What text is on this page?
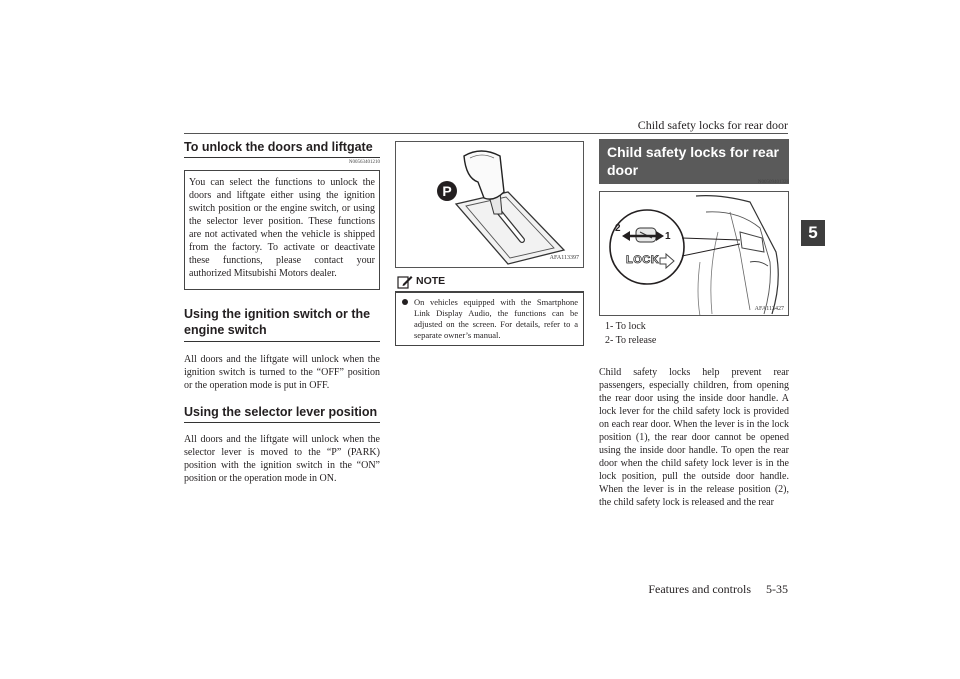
Child safety locks for rear door
5
To unlock the doors and liftgate
N00563401210
You can select the functions to unlock the doors and liftgate either using the ignition switch position or the engine switch, or using the selector lever position. These functions are not activated when the vehicle is shipped from the factory. To activate or deactivate these functions, please contact your authorized Mitsubishi Motors dealer.
Using the ignition switch or the engine switch
All doors and the liftgate will unlock when the ignition switch is turned to the “OFF” position or the operation mode is put in OFF.
Using the selector lever position
All doors and the liftgate will unlock when the selector lever is moved to the “P” (PARK) position with the ignition switch in the “ON” position or the operation mode in ON.
P
AFA113397
NOTE
On vehicles equipped with the Smartphone Link Display Audio, the functions can be adjusted on the screen. For details, refer to a separate owner’s manual.
Child safety locks for rear door
N00509401328
2
1
LOCK
AFA113427
1- To lock
2- To release
Child safety locks help prevent rear passengers, especially children, from opening the rear door using the inside door handle. A lock lever for the child safety lock is provided on each rear door. When the lever is in the lock position (1), the rear door cannot be opened using the inside door handle. To open the rear door when the child safety lock lever is in the lock position, pull the outside door handle. When the lever is in the release position (2), the child safety lock is released and the rear
Features and controls     5-35
